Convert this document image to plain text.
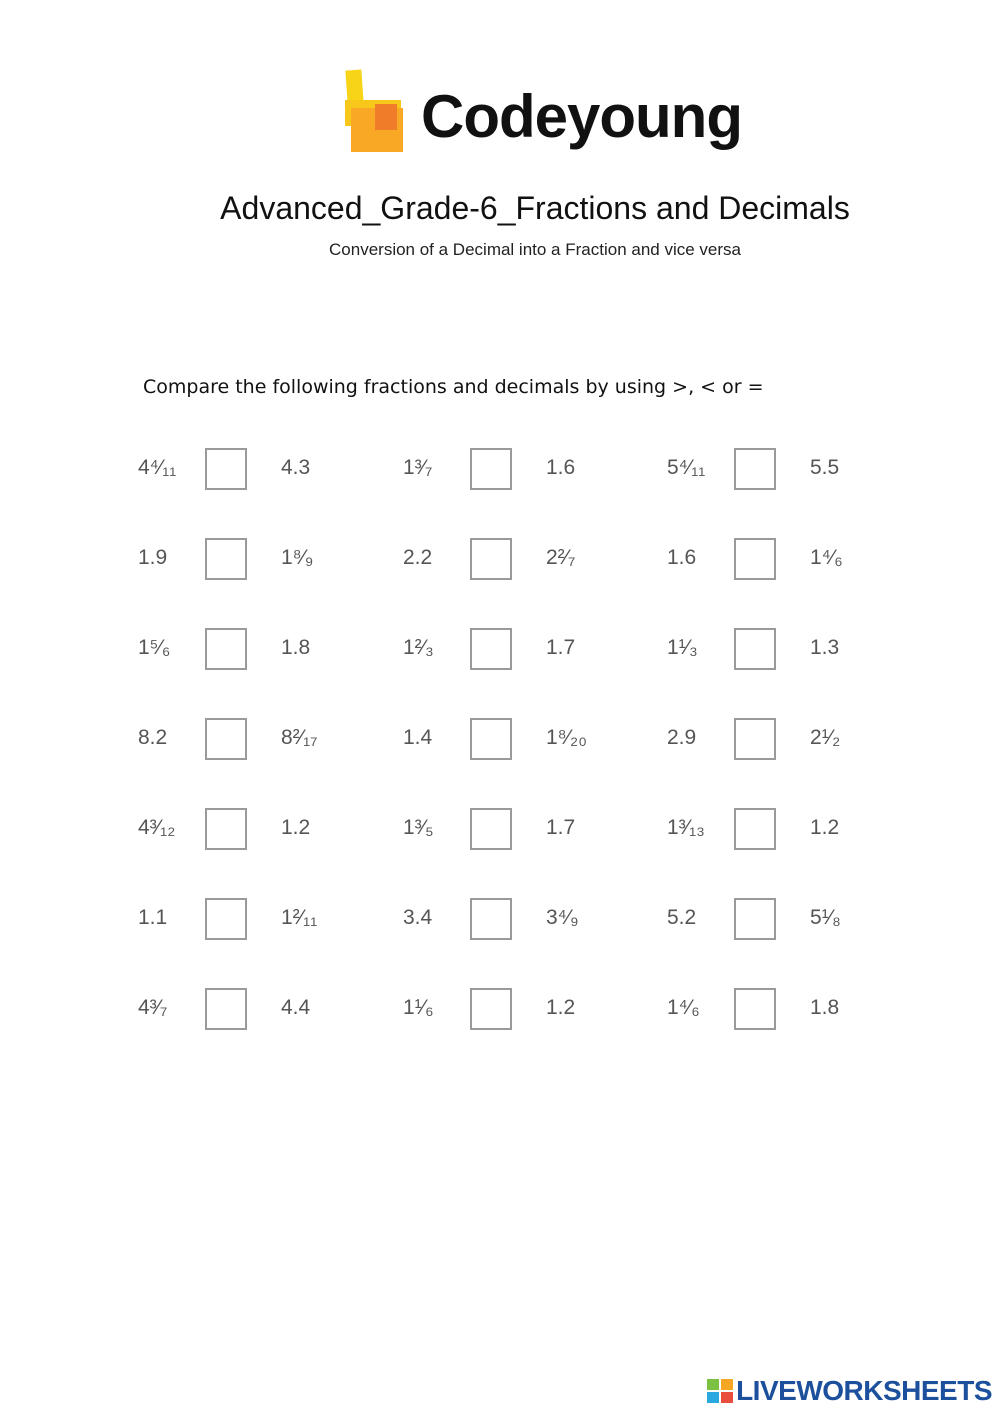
Codeyoung
Advanced_Grade-6_Fractions and Decimals
Conversion of a Decimal into a Fraction and vice versa
Compare the following fractions and decimals by using >, < or =
4⁴⁄₁₁	4.3	1³⁄₇	1.6	5⁴⁄₁₁	5.5
1.9	1⁸⁄₉	2.2	2²⁄₇	1.6	1⁴⁄₆
1⁵⁄₆	1.8	1²⁄₃	1.7	1¹⁄₃	1.3
8.2	8²⁄₁₇	1.4	1⁸⁄₂₀	2.9	2¹⁄₂
4³⁄₁₂	1.2	1³⁄₅	1.7	1³⁄₁₃	1.2
1.1	1²⁄₁₁	3.4	3⁴⁄₉	5.2	5¹⁄₈
4³⁄₇	4.4	1¹⁄₆	1.2	1⁴⁄₆	1.8
LIVEWORKSHEETS
